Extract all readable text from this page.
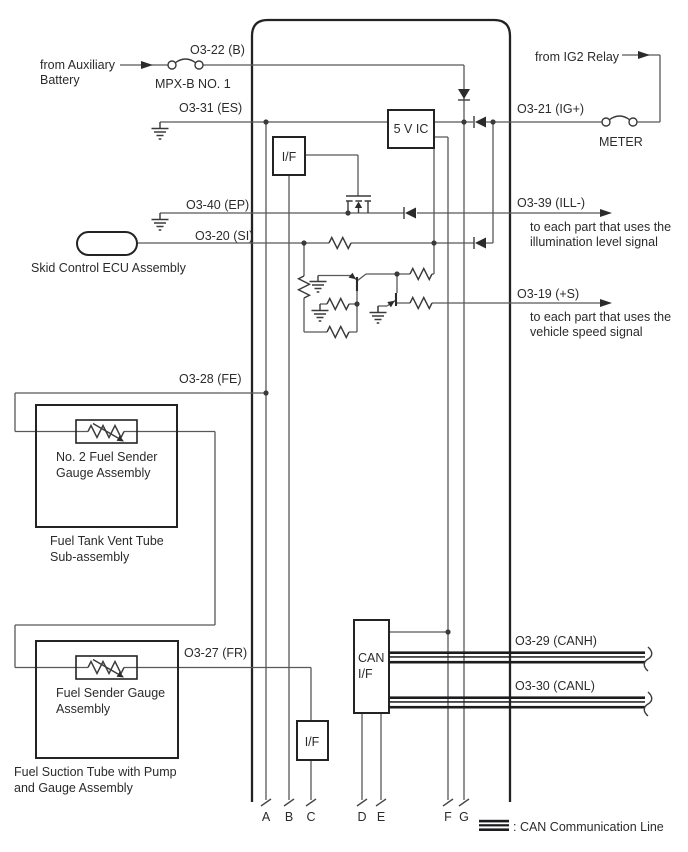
from Auxiliary
Battery
O3-22 (B)
MPX-B NO. 1
O3-31 (ES)
O3-40 (EP)
O3-20 (SI)
Skid Control ECU Assembly
O3-28 (FE)
No. 2 Fuel Sender
Gauge Assembly
Fuel Tank Vent Tube
Sub-assembly
O3-27 (FR)
Fuel Sender Gauge
Assembly
Fuel Suction Tube with Pump
and Gauge Assembly
from IG2 Relay
O3-21 (IG+)
METER
O3-39 (ILL-)
to each part that uses the
illumination level signal
O3-19 (+S)
to each part that uses the
vehicle speed signal
O3-29 (CANH)
O3-30 (CANL)
5 V IC
I/F
I/F
CAN
I/F
: CAN Communication Line
A B C	D E	F G
